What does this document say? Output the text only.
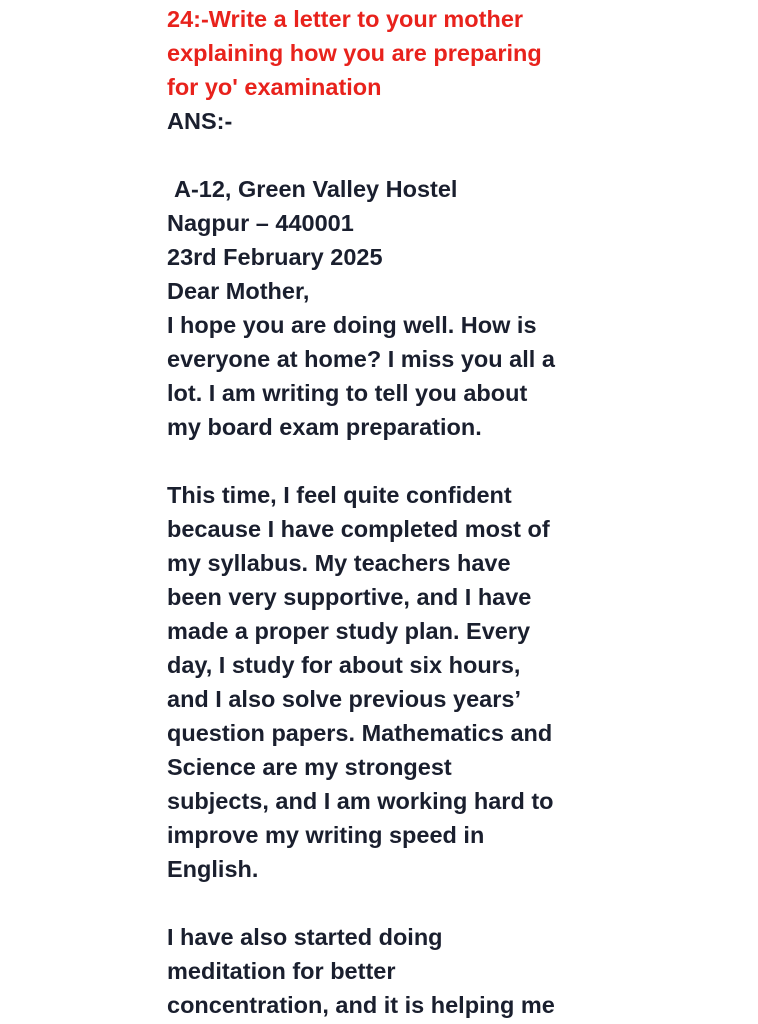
24:-Write a letter to your mother
explaining how you are preparing
for yo' examination
ANS:-
A-12, Green Valley Hostel
Nagpur – 440001
23rd February 2025
Dear Mother,
I hope you are doing well. How is
everyone at home? I miss you all a
lot. I am writing to tell you about
my board exam preparation.
This time, I feel quite confident
because I have completed most of
my syllabus. My teachers have
been very supportive, and I have
made a proper study plan. Every
day, I study for about six hours,
and I also solve previous years’
question papers. Mathematics and
Science are my strongest
subjects, and I am working hard to
improve my writing speed in
English.
I have also started doing
meditation for better
concentration, and it is helping me
